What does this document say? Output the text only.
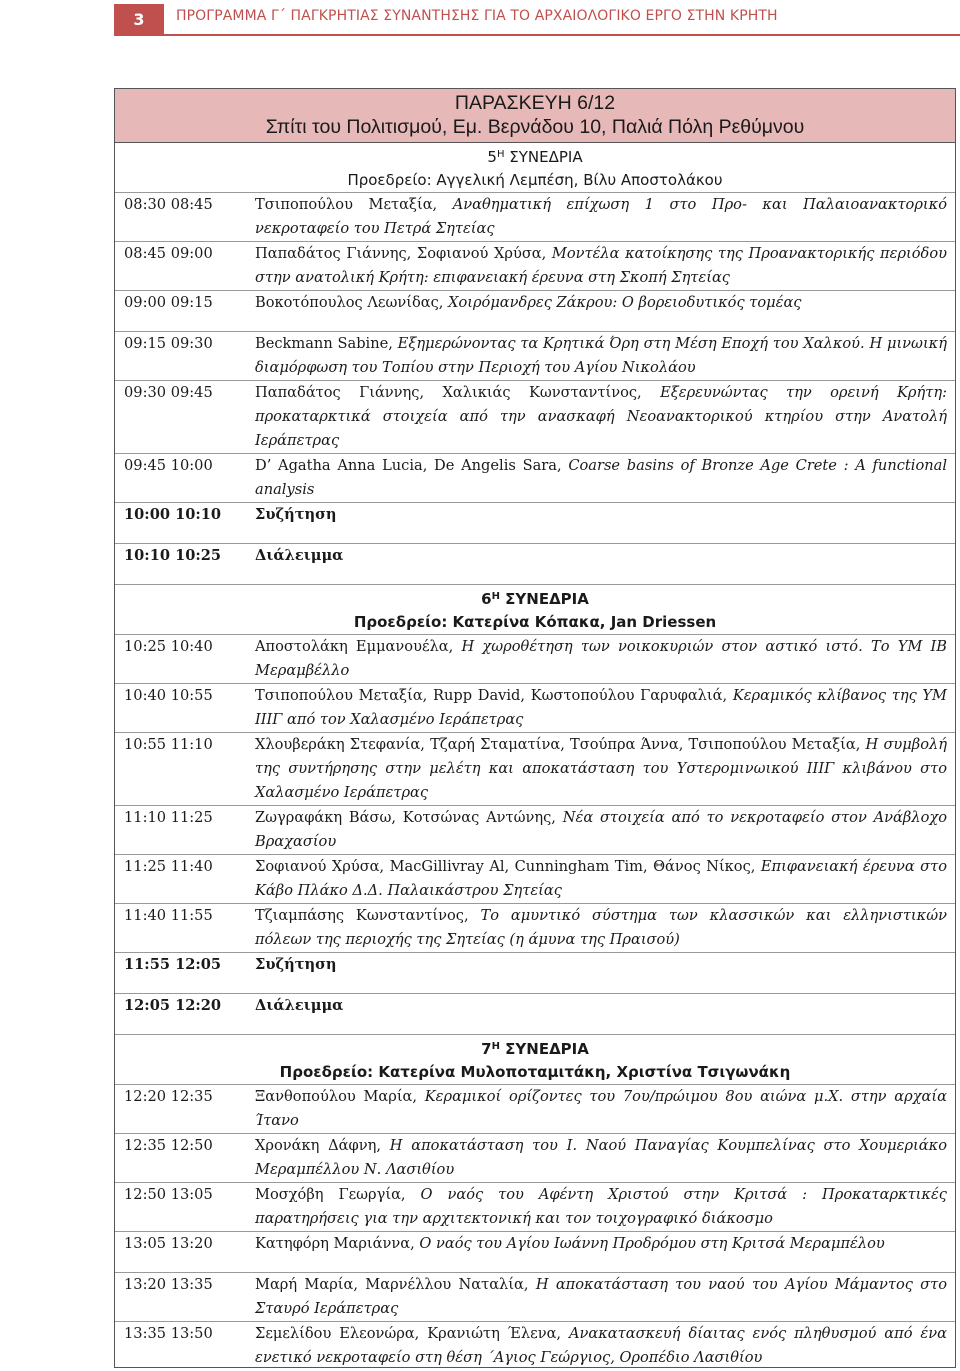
3	ΠΡΟΓΡΑΜΜΑ Γ΄ ΠΑΓΚΡΗΤΙΑΣ ΣΥΝΑΝΤΗΣΗΣ ΓΙΑ ΤΟ ΑΡΧΑΙΟΛΟΓΙΚΟ ΕΡΓΟ ΣΤΗΝ ΚΡΗΤΗ
ΠΑΡΑΣΚΕΥΗ 6/12
Σπίτι του Πολιτισμού, Εμ. Βερνάδου 10, Παλιά Πόλη Ρεθύμνου
$5^H$ ΣΥΝΕΔΡΙΑ
Προεδρείο: Αγγελική Λεμπέση, Βίλυ Αποστολάκου
08:30 08:45	Τσιποπούλου Μεταξία, Αναθηματική επίχωση 1 στο Προ- και Παλαιοανακτορικό νεκροταφείο του Πετρά Σητείας
08:45 09:00	Παπαδάτος Γιάννης, Σοφιανού Χρύσα, Μοντέλα κατοίκησης της Προανακτορικής περιόδου στην ανατολική Κρήτη: επιφανειακή έρευνα στη Σκοπή Σητείας
09:00 09:15	Βοκοτόπουλος Λεωνίδας, Χοιρόμανδρες Ζάκρου: Ο βορειοδυτικός τομέας
09:15 09:30	Beckmann Sabine, Εξημερώνοντας τα Κρητικά Όρη στη Μέση Εποχή του Χαλκού. Η μινωική διαμόρφωση του Τοπίου στην Περιοχή του Αγίου Νικολάου
09:30 09:45	Παπαδάτος Γιάννης, Χαλικιάς Κωνσταντίνος, Εξερευνώντας την ορεινή Κρήτη: προκαταρκτικά στοιχεία από την ανασκαφή Νεοανακτορικού κτηρίου στην Ανατολή Ιεράπετρας
09:45 10:00	D’ Agatha Anna Lucia, De Angelis Sara, Coarse basins of Bronze Age Crete : A functional analysis
10:00 10:10	Συζήτηση
10:10 10:25	Διάλειμμα
$6^H$ ΣΥΝΕΔΡΙΑ
Προεδρείο: Κατερίνα Κόπακα, Jan Driessen
10:25 10:40	Αποστολάκη Εμμανουέλα, Η χωροθέτηση των νοικοκυριών στον αστικό ιστό. Το ΥΜ ΙΒ Μεραμβέλλο
10:40 10:55	Τσιποπούλου Μεταξία, Rupp David, Κωστοπούλου Γαρυφαλιά, Κεραμικός κλίβανος της ΥΜ ΙΙΙΓ από τον Χαλασμένο Ιεράπετρας
10:55 11:10	Χλουβεράκη Στεφανία, Τζαρή Σταματίνα, Τσούπρα Άννα, Τσιποπούλου Μεταξία, Η συμβολή της συντήρησης στην μελέτη και αποκατάσταση του Υστερομινωικού ΙΙΙΓ κλιβάνου στο Χαλασμένο Ιεράπετρας
11:10 11:25	Ζωγραφάκη Βάσω, Κοτσώνας Αντώνης, Νέα στοιχεία από το νεκροταφείο στον Ανάβλοχο Βραχασίου
11:25 11:40	Σοφιανού Χρύσα, MacGillivray Al, Cunningham Tim, Θάνος Νίκος, Επιφανειακή έρευνα στο Κάβο Πλάκο Δ.Δ. Παλαικάστρου Σητείας
11:40 11:55	Τζιαμπάσης Κωνσταντίνος, Το αμυντικό σύστημα των κλασσικών και ελληνιστικών πόλεων της περιοχής της Σητείας (η άμυνα της Πραισού)
11:55 12:05	Συζήτηση
12:05 12:20	Διάλειμμα
$7^H$ ΣΥΝΕΔΡΙΑ
Προεδρείο: Κατερίνα Μυλοποταμιτάκη, Χριστίνα Τσιγωνάκη
12:20 12:35	Ξανθοπούλου Μαρία, Κεραμικοί ορίζοντες του 7ου/πρώιμου 8ου αιώνα μ.Χ. στην αρχαία Ίτανο
12:35 12:50	Χρονάκη Δάφνη, Η αποκατάσταση του Ι. Ναού Παναγίας Κουμπελίνας στο Χουμεριάκο Μεραμπέλλου Ν. Λασιθίου
12:50 13:05	Μοσχόβη Γεωργία, Ο ναός του Αφέντη Χριστού στην Κριτσά : Προκαταρκτικές παρατηρήσεις για την αρχιτεκτονική και τον τοιχογραφικό διάκοσμο
13:05 13:20	Κατηφόρη Μαριάννα, Ο ναός του Αγίου Ιωάννη Προδρόμου στη Κριτσά Μεραμπέλου
13:20 13:35	Μαρή Μαρία, Μαρνέλλου Ναταλία, Η αποκατάσταση του ναού του Αγίου Μάμαντος στο Σταυρό Ιεράπετρας
13:35 13:50	Σεμελίδου Ελεονώρα, Κρανιώτη Έλενα, Ανακατασκευή δίαιτας ενός πληθυσμού από ένα ενετικό νεκροταφείο στη θέση ΄Αγιος Γεώργιος, Οροπέδιο Λασιθίου
